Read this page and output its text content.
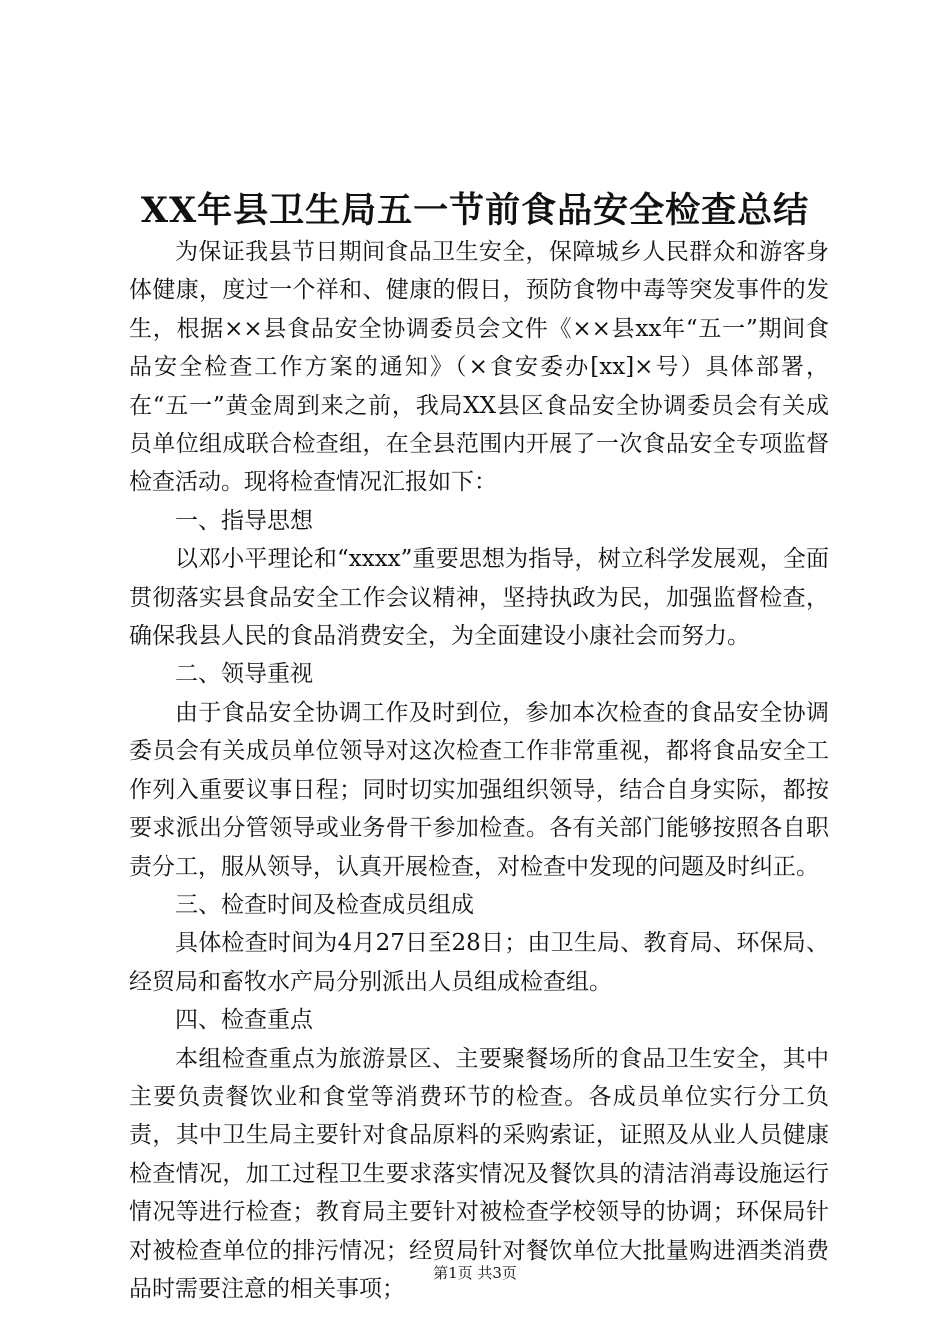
XX年县卫生局五一节前食品安全检查总结

为保证我县节日期间食品卫生安全，保障城乡人民群众和游客身体健康，度过一个祥和、健康的假日，预防食物中毒等突发事件的发生，根据××县食品安全协调委员会文件《××县xx年“五一”期间食品安全检查工作方案的通知》（×食安委办[xx]×号）具体部署，在“五一”黄金周到来之前，我局XX县区食品安全协调委员会有关成员单位组成联合检查组，在全县范围内开展了一次食品安全专项监督检查活动。现将检查情况汇报如下：

一、指导思想

以邓小平理论和“xxxx”重要思想为指导，树立科学发展观，全面贯彻落实县食品安全工作会议精神，坚持执政为民，加强监督检查，确保我县人民的食品消费安全，为全面建设小康社会而努力。

二、领导重视

由于食品安全协调工作及时到位，参加本次检查的食品安全协调委员会有关成员单位领导对这次检查工作非常重视，都将食品安全工作列入重要议事日程；同时切实加强组织领导，结合自身实际，都按要求派出分管领导或业务骨干参加检查。各有关部门能够按照各自职责分工，服从领导，认真开展检查，对检查中发现的问题及时纠正。

三、检查时间及检查成员组成

具体检查时间为4月27日至28日；由卫生局、教育局、环保局、经贸局和畜牧水产局分别派出人员组成检查组。

四、检查重点

本组检查重点为旅游景区、主要聚餐场所的食品卫生安全，其中主要负责餐饮业和食堂等消费环节的检查。各成员单位实行分工负责，其中卫生局主要针对食品原料的采购索证，证照及从业人员健康检查情况，加工过程卫生要求落实情况及餐饮具的清洁消毒设施运行情况等进行检查；教育局主要针对被检查学校领导的协调；环保局针对被检查单位的排污情况；经贸局针对餐饮单位大批量购进酒类消费品时需要注意的相关事项；

第1页 共3页
